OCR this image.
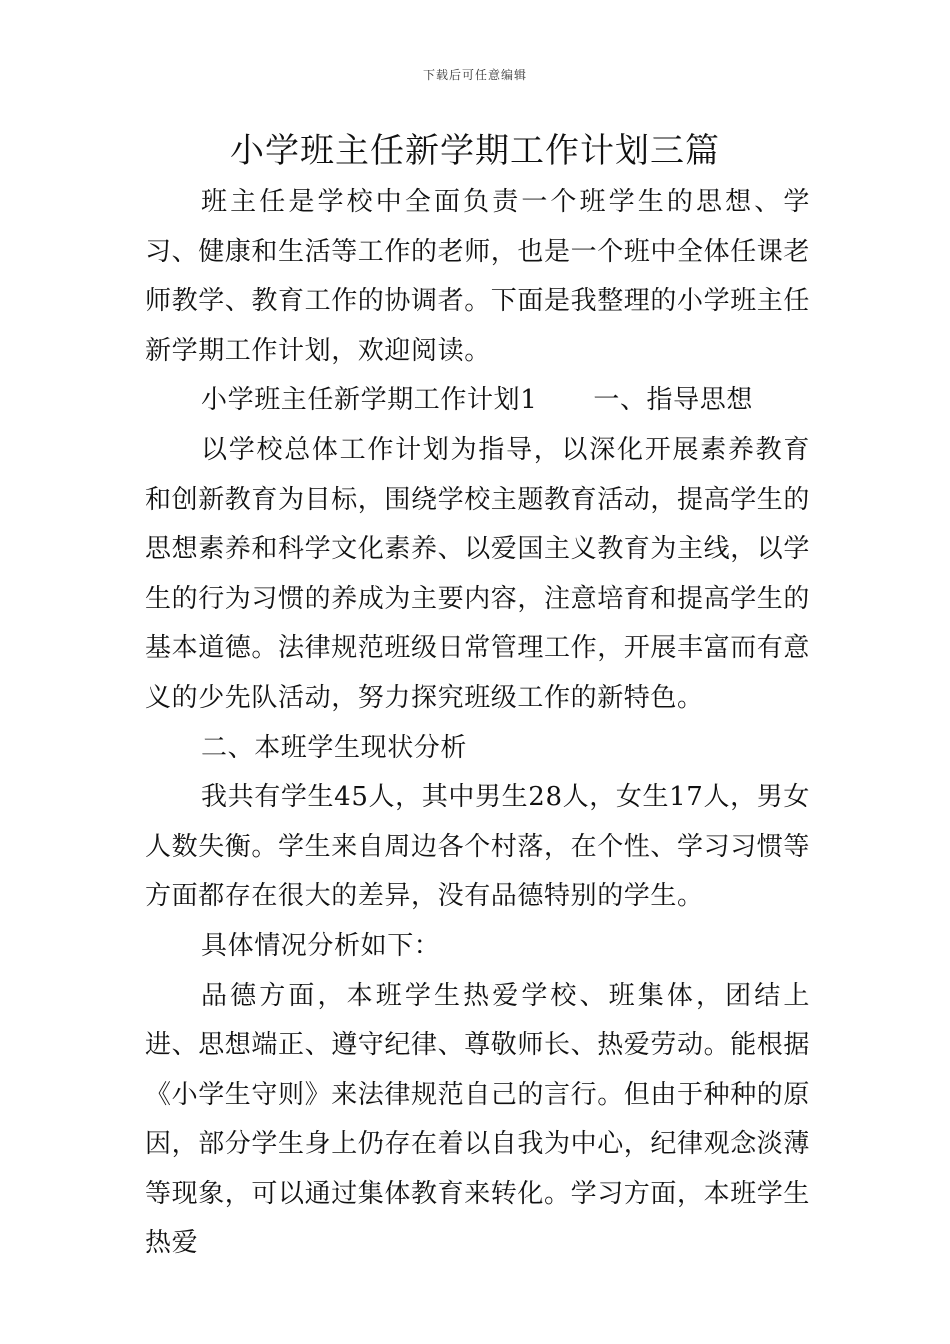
下载后可任意编辑
小学班主任新学期工作计划三篇

班主任是学校中全面负责一个班学生的思想、学习、健康和生活等工作的老师，也是一个班中全体任课老师教学、教育工作的协调者。下面是我整理的小学班主任新学期工作计划，欢迎阅读。

小学班主任新学期工作计划1 一、指导思想

以学校总体工作计划为指导，以深化开展素养教育和创新教育为目标，围绕学校主题教育活动，提高学生的思想素养和科学文化素养、以爱国主义教育为主线，以学生的行为习惯的养成为主要内容，注意培育和提高学生的基本道德。法律规范班级日常管理工作，开展丰富而有意义的少先队活动，努力探究班级工作的新特色。

二、本班学生现状分析

我共有学生45人，其中男生28人，女生17人，男女人数失衡。学生来自周边各个村落，在个性、学习习惯等方面都存在很大的差异，没有品德特别的学生。

具体情况分析如下：

品德方面，本班学生热爱学校、班集体，团结上进、思想端正、遵守纪律、尊敬师长、热爱劳动。能根据《小学生守则》来法律规范自己的言行。但由于种种的原因，部分学生身上仍存在着以自我为中心，纪律观念淡薄等现象，可以通过集体教育来转化。学习方面，本班学生热爱
